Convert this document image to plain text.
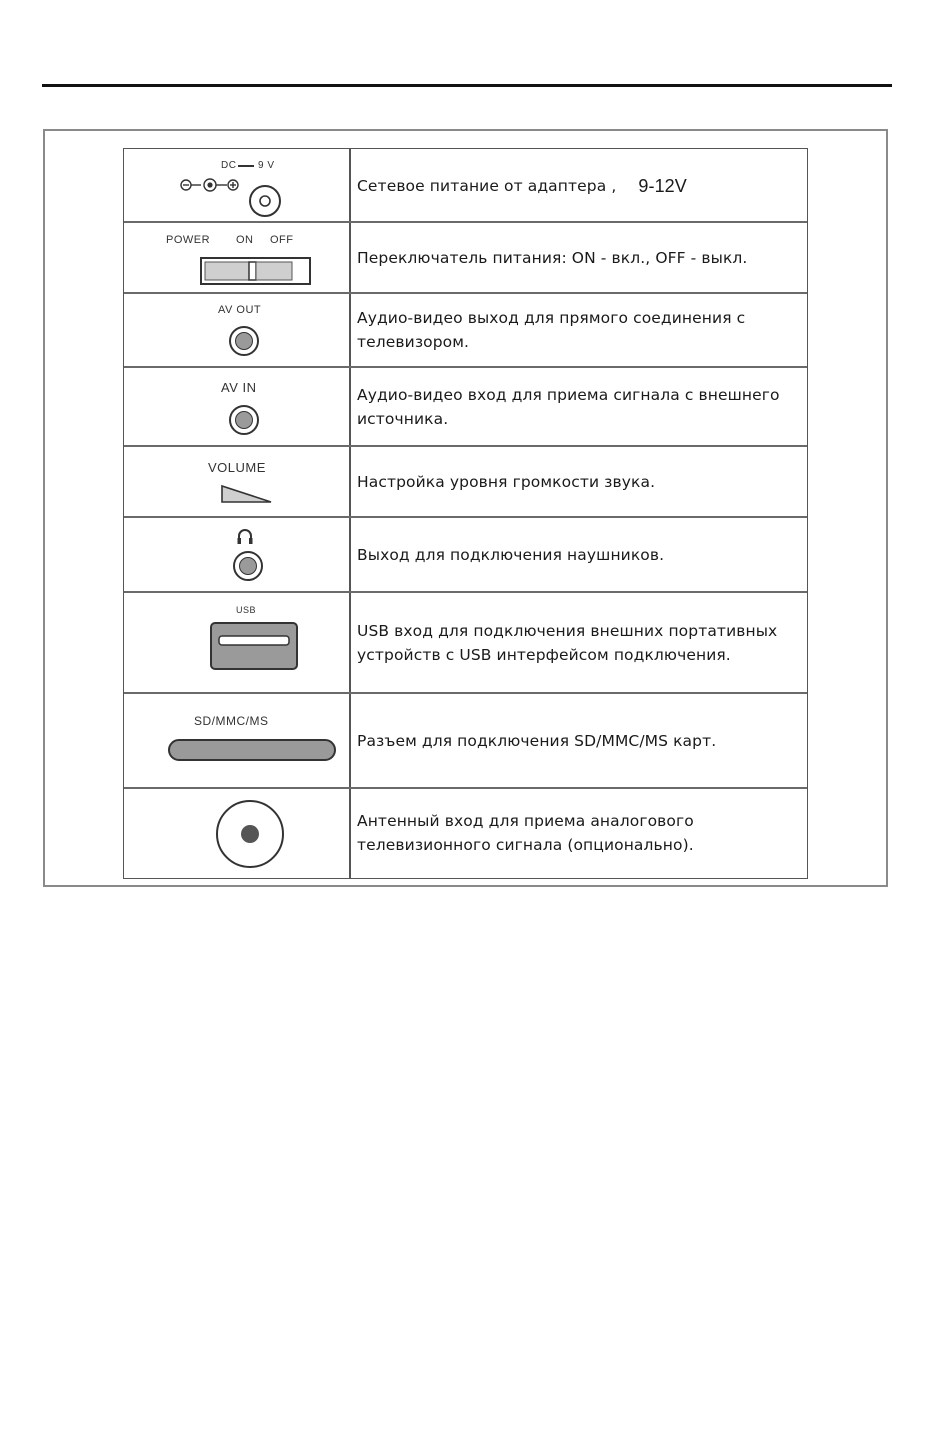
DC 9 V
Сетевое питание от адаптера , 9-12V
POWER ON OFF
Переключатель питания: ON - вкл., OFF - выкл.
AV OUT	Аудио-видео выход для прямого соединения с телевизором.
AV IN	Аудио-видео вход для приема сигнала с внешнего источника.
VOLUME
Настройка уровня громкости звука.
Выход для подключения наушников.
USB
USB вход для подключения внешних портативных устройств с USB интерфейсом подключения.
SD/MMC/MS
Разъем для подключения SD/MMC/MS карт.
Антенный вход для приема аналогового телевизионного сигнала (опционально).
